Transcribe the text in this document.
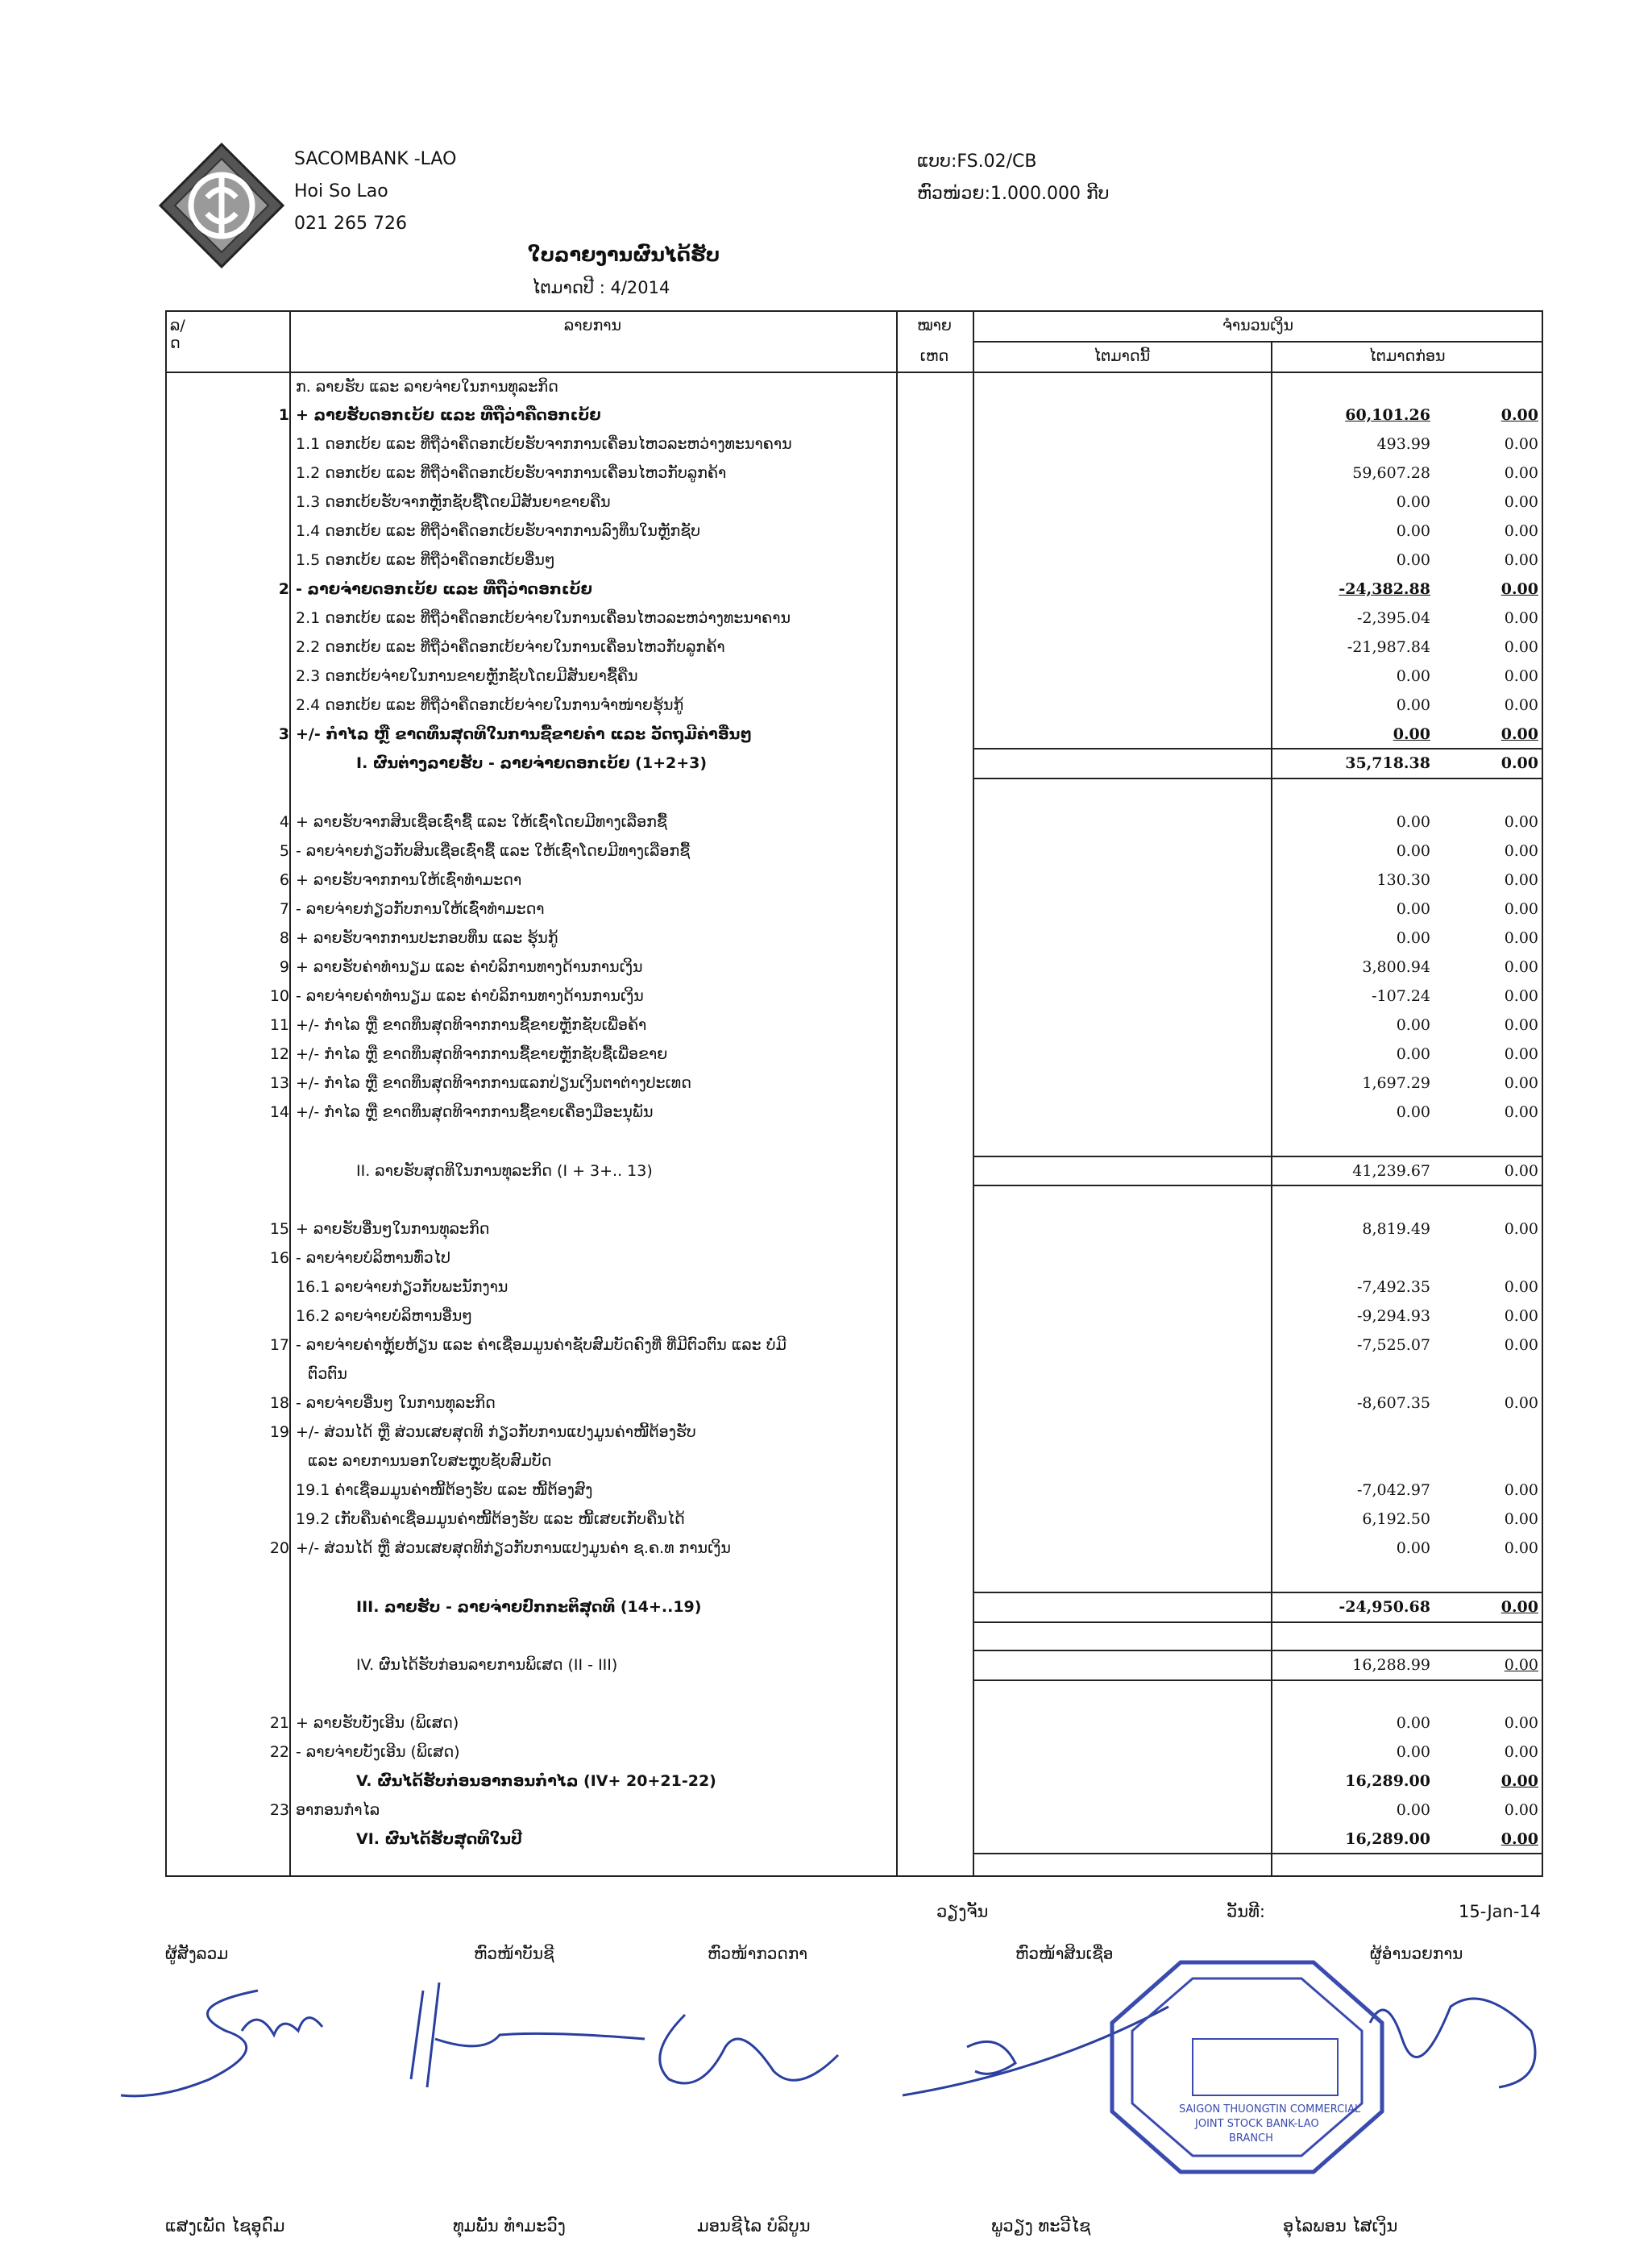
SACOMBANK -LAO
Hoi So Lao
021 265 726
ແບບ:FS.02/CB
ຫົວໜ່ວຍ:1.000.000 ກີບ
ໃບລາຍງານຜົນໄດ້ຮັບ
ໄຕມາດປີ : 4/2014
ລ/ດ
ລາຍການ	ໝາຍ
ເຫດ
ຈຳນວນເງິນ
ໄຕມາດນີ້	ໄຕມາດກ່ອນ
ກ. ລາຍຮັບ ແລະ ລາຍຈ່າຍໃນການທຸລະກິດ
1 + ລາຍຮັບດອກເບ້ຍ ແລະ ທີ່ຖືວ່າຄືດອກເບ້ຍ	60,101.26	0.00
1.1 ດອກເບ້ຍ ແລະ ທີ່ຖືວ່າຄືດອກເບ້ຍຮັບຈາກການເຄື່ອນໄຫວລະຫວ່າງທະນາຄານ	493.99	0.00
1.2 ດອກເບ້ຍ ແລະ ທີ່ຖືວ່າຄືດອກເບ້ຍຮັບຈາກການເຄື່ອນໄຫວກັບລູກຄ້າ	59,607.28	0.00
1.3 ດອກເບ້ຍຮັບຈາກຫຼັກຊັບຊື້ໂດຍມີສັນຍາຂາຍຄືນ	0.00	0.00
1.4 ດອກເບ້ຍ ແລະ ທີ່ຖືວ່າຄືດອກເບ້ຍຮັບຈາກການລົງທຶນໃນຫຼັກຊັບ	0.00	0.00
1.5 ດອກເບ້ຍ ແລະ ທີ່ຖືວ່າຄືດອກເບ້ຍອື່ນໆ	0.00	0.00
2 - ລາຍຈ່າຍດອກເບ້ຍ ແລະ ທີ່ຖືວ່າດອກເບ້ຍ	-24,382.88	0.00
2.1 ດອກເບ້ຍ ແລະ ທີ່ຖືວ່າຄືດອກເບ້ຍຈ່າຍໃນການເຄື່ອນໄຫວລະຫວ່າງທະນາຄານ	-2,395.04	0.00
2.2 ດອກເບ້ຍ ແລະ ທີ່ຖືວ່າຄືດອກເບ້ຍຈ່າຍໃນການເຄື່ອນໄຫວກັບລູກຄ້າ	-21,987.84	0.00
2.3 ດອກເບ້ຍຈ່າຍໃນການຂາຍຫຼັກຊັບໂດຍມີສັນຍາຊື້ຄືນ	0.00	0.00
2.4 ດອກເບ້ຍ ແລະ ທີ່ຖືວ່າຄືດອກເບ້ຍຈ່າຍໃນການຈຳໜ່າຍຮຸ້ນກູ້	0.00	0.00
3 +/- ກຳໄລ ຫຼື ຂາດທຶນສຸດທິໃນການຊື້ຂາຍຄຳ ແລະ ວັດຖຸມີຄ່າອື່ນໆ	0.00	0.00
I. ຜົນຕ່າງລາຍຮັບ - ລາຍຈ່າຍດອກເບ້ຍ (1+2+3)	35,718.38	0.00
4 + ລາຍຮັບຈາກສິນເຊື່ອເຊົ່າຊື້ ແລະ ໃຫ້ເຊົ່າໂດຍມີທາງເລືອກຊື້	0.00	0.00
5 - ລາຍຈ່າຍກ່ຽວກັບສິນເຊື່ອເຊົ່າຊື້ ແລະ ໃຫ້ເຊົ່າໂດຍມີທາງເລືອກຊື້	0.00	0.00
6 + ລາຍຮັບຈາກການໃຫ້ເຊົ່າທຳມະດາ	130.30	0.00
7 - ລາຍຈ່າຍກ່ຽວກັບການໃຫ້ເຊົ່າທຳມະດາ	0.00	0.00
8 + ລາຍຮັບຈາກການປະກອບທຶນ ແລະ ຮຸ້ນກູ້	0.00	0.00
9 + ລາຍຮັບຄ່າທຳນຽມ ແລະ ຄ່າບໍລິການທາງດ້ານການເງິນ	3,800.94	0.00
10 - ລາຍຈ່າຍຄ່າທຳນຽມ ແລະ ຄ່າບໍລິການທາງດ້ານການເງິນ	-107.24	0.00
11 +/- ກຳໄລ ຫຼື ຂາດທຶນສຸດທິຈາກການຊື້ຂາຍຫຼັກຊັບເພື່ອຄ້າ	0.00	0.00
12 +/- ກຳໄລ ຫຼື ຂາດທຶນສຸດທິຈາກການຊື້ຂາຍຫຼັກຊັບຊື້ເພື່ອຂາຍ	0.00	0.00
13 +/- ກຳໄລ ຫຼື ຂາດທຶນສຸດທິຈາກການແລກປ່ຽນເງິນຕາຕ່າງປະເທດ	1,697.29	0.00
14 +/- ກຳໄລ ຫຼື ຂາດທຶນສຸດທິຈາກການຊື້ຂາຍເຄື່ອງມືອະນຸພັນ	0.00	0.00
II. ລາຍຮັບສຸດທິໃນການທຸລະກິດ (I + 3+.. 13)	41,239.67	0.00
15 + ລາຍຮັບອື່ນໆໃນການທຸລະກິດ	8,819.49	0.00
16 - ລາຍຈ່າຍບໍລິຫານທົ່ວໄປ
16.1 ລາຍຈ່າຍກ່ຽວກັບພະນັກງານ	-7,492.35	0.00
16.2 ລາຍຈ່າຍບໍລິຫານອື່ນໆ	-9,294.93	0.00
17 - ລາຍຈ່າຍຄ່າຫຼຸ້ຍຫ້ຽນ ແລະ ຄ່າເຊື່ອມມູນຄ່າຊັບສົມບັດຄົງທີ່ ທີ່ມີຕົວຕົນ ແລະ ບໍ່ມີ	-7,525.07	0.00
ຕົວຕົນ
18 - ລາຍຈ່າຍອື່ນໆ ໃນການທຸລະກິດ	-8,607.35	0.00
19 +/- ສ່ວນໄດ້ ຫຼື ສ່ວນເສຍສຸດທິ ກ່ຽວກັບການແປງມູນຄ່າໜີ້ຕ້ອງຮັບ
ແລະ ລາຍການນອກໃບສະຫຼຸບຊັບສົມບັດ
19.1 ຄ່າເຊື່ອມມູນຄ່າໜີ້ຕ້ອງຮັບ ແລະ ໜີ້ຕ້ອງສົງ	-7,042.97	0.00
19.2 ເກັບຄືນຄ່າເຊື່ອມມູນຄ່າໜີ້ຕ້ອງຮັບ ແລະ ໜີ້ເສຍເກັບຄືນໄດ້	6,192.50	0.00
20 +/- ສ່ວນໄດ້ ຫຼື ສ່ວນເສຍສຸດທິກ່ຽວກັບການແປງມູນຄ່າ ຊ.ຄ.ທ ການເງິນ	0.00	0.00
III. ລາຍຮັບ - ລາຍຈ່າຍປົກກະຕິສຸດທິ (14+..19)	-24,950.68	0.00
IV. ຜົນໄດ້ຮັບກ່ອນລາຍການພິເສດ (II - III)	16,288.99	0.00
21 + ລາຍຮັບບັງເອີນ (ພິເສດ)	0.00	0.00
22 - ລາຍຈ່າຍບັງເອີນ (ພິເສດ)	0.00	0.00
V. ຜົນໄດ້ຮັບກ່ອນອາກອນກຳໄລ (IV+ 20+21-22)	16,289.00	0.00
23 ອາກອນກຳໄລ	0.00	0.00
VI. ຜົນໄດ້ຮັບສຸດທິໃນປີ	16,289.00	0.00
ວຽງຈັນ	ວັນທີ:	15-Jan-14
ຜູ້ສັງລວມ	ຫົວໜ້າບັນຊີ	ຫົວໜ້າກວດກາ	ຫົວໜ້າສິນເຊື່ອ	ຜູ້ອຳນວຍການ
SAIGON THUONGTIN COMMERCIAL
JOINT STOCK BANK-LAO
BRANCH
ແສງເພັດ ໄຊອຸດົມ	ທຸມພັນ ທຳມະວົງ	ມອນຊີໄລ ບໍລິບູນ	ພູວຽງ ທະວີໄຊ	ອຸໄລພອນ ໄສເງິນ
